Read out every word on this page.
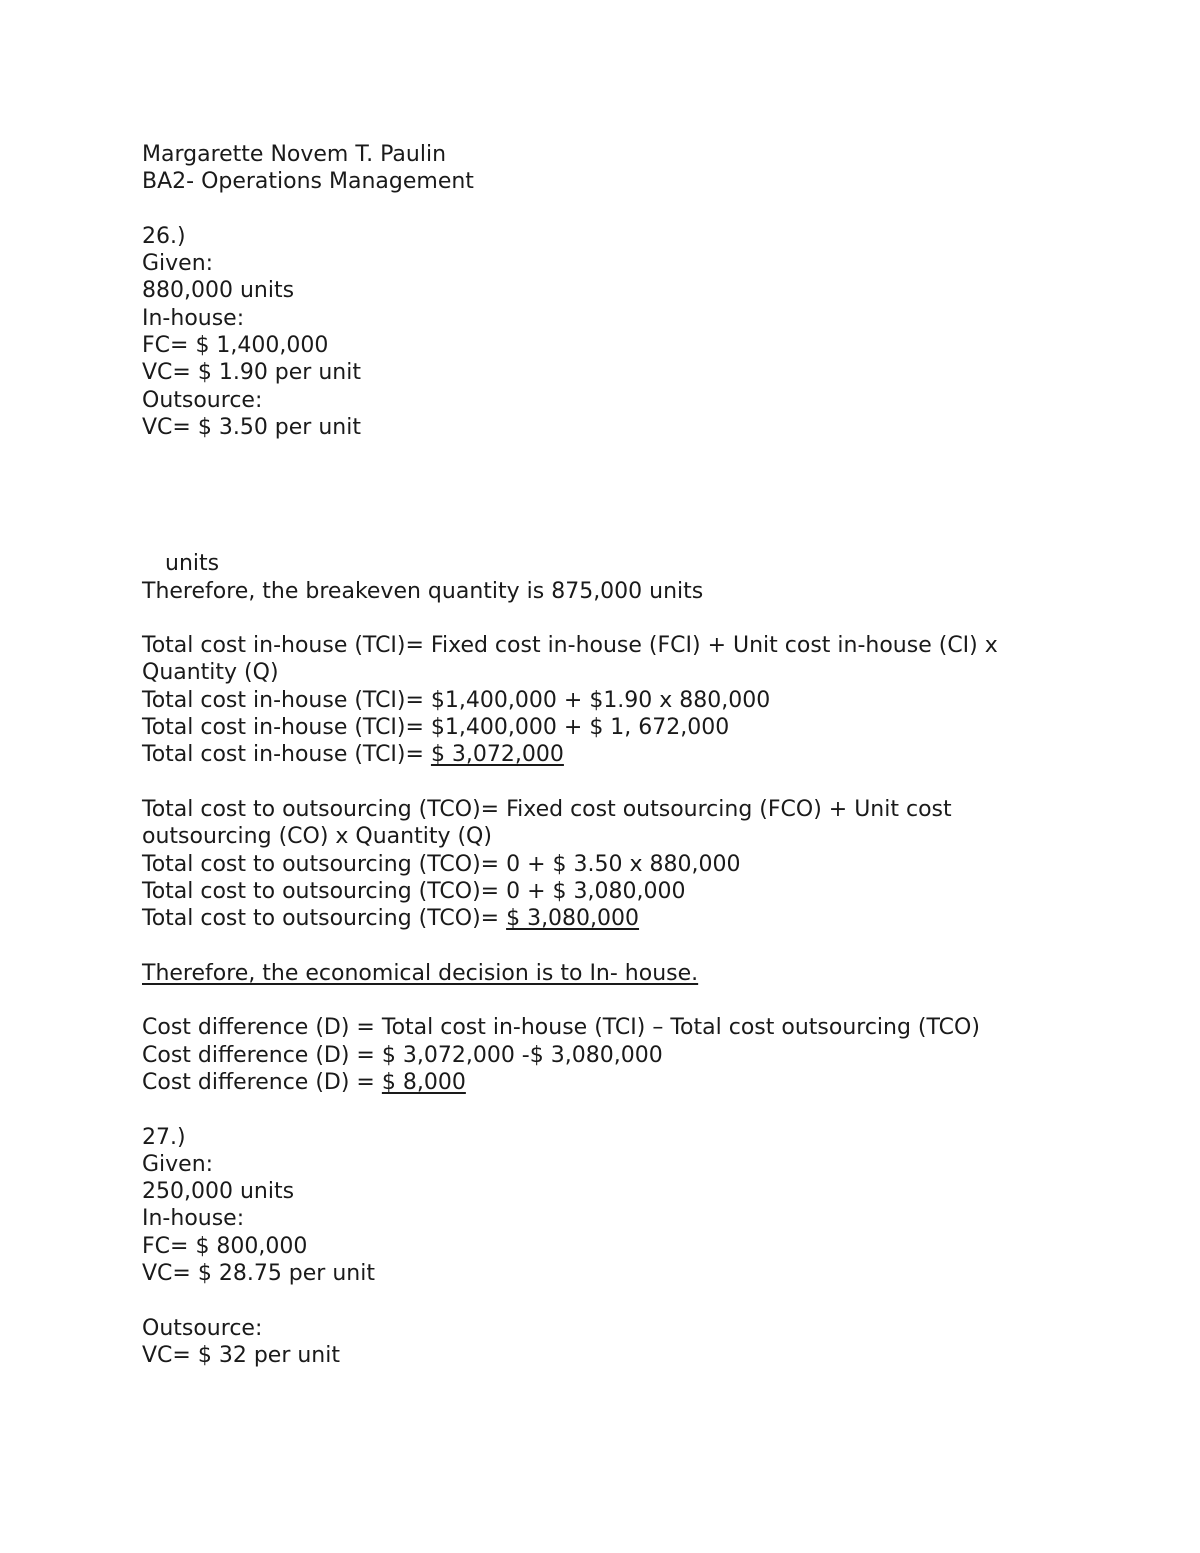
Margarette Novem T. Paulin
BA2- Operations Management
26.)
Given:
880,000 units
In-house:
FC= $ 1,400,000
VC= $ 1.90 per unit
Outsource:
VC= $ 3.50 per unit
units
Therefore, the breakeven quantity is 875,000 units
Total cost in-house (TCI)= Fixed cost in-house (FCI) + Unit cost in-house (CI) x
Quantity (Q)
Total cost in-house (TCI)= $1,400,000 + $1.90 x 880,000
Total cost in-house (TCI)= $1,400,000 + $ 1, 672,000
Total cost in-house (TCI)= $ 3,072,000
Total cost to outsourcing (TCO)= Fixed cost outsourcing (FCO) + Unit cost
outsourcing (CO) x Quantity (Q)
Total cost to outsourcing (TCO)= 0 + $ 3.50 x 880,000
Total cost to outsourcing (TCO)= 0 + $ 3,080,000
Total cost to outsourcing (TCO)= $ 3,080,000
Therefore, the economical decision is to In- house.
Cost difference (D) = Total cost in-house (TCI) – Total cost outsourcing (TCO)
Cost difference (D) = $ 3,072,000 -$ 3,080,000
Cost difference (D) = $ 8,000
27.)
Given:
250,000 units
In-house:
FC= $ 800,000
VC= $ 28.75 per unit
Outsource:
VC= $ 32 per unit
